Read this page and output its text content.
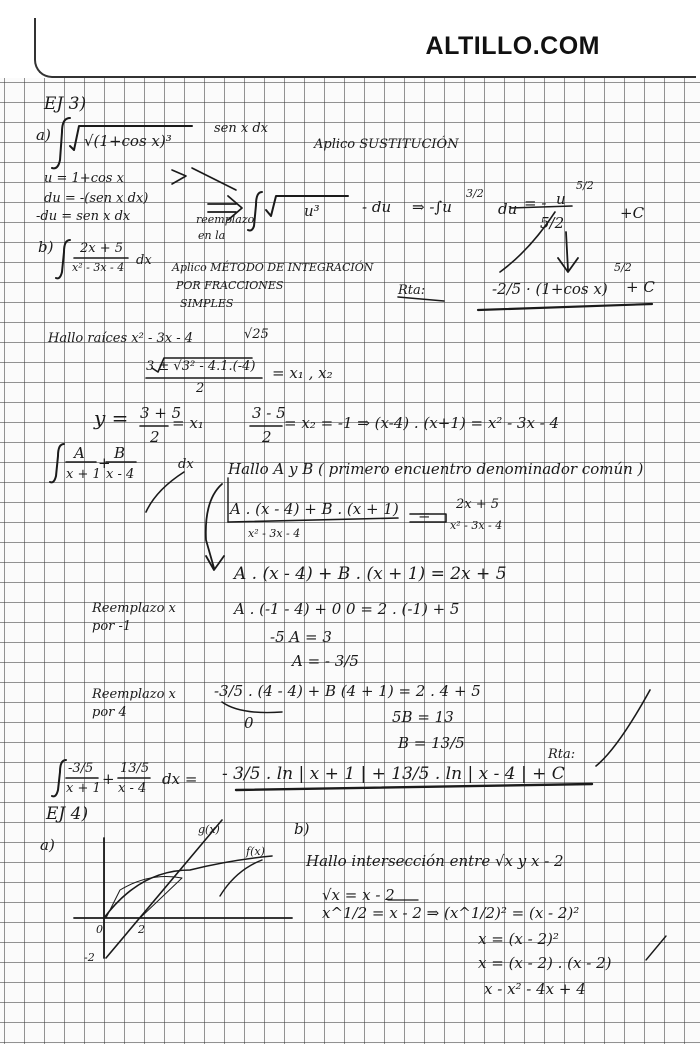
ALTILLO.COM
EJ 3)
a) √(1+cos x)³
sen x dx
Aplico SUSTITUCIÓN
u = 1+cos x
du = -(sen x dx)
-du = sen x dx	reemplazo
en la
u³	- du ⇒ -∫u
3/2
du = - u
5/2
5/2
+C
Rta:	-2/5 · (1+cos x)
5/2
+ C
b) 2x + 5
x² - 3x - 4 dx Aplico MÉTODO DE INTEGRACIÓN
POR FRACCIONES
SIMPLES
Hallo raíces x² - 3x - 4	√25
3 ± √3² - 4.1.(-4)
2
= x₁ , x₂
y = 3 + 5
2
= x₁
3 - 5
2
= x₂ = -1 ⇒ (x-4) . (x+1) = x² - 3x - 4
A
x + 1
+
B
x - 4
dx Hallo A y B ( primero encuentro denominador común )
A . (x - 4) + B . (x + 1)
x² - 3x - 4
=
2x + 5
x² - 3x - 4
A . (x - 4) + B . (x + 1) = 2x + 5
Reemplazo x
por -1
A . (-1 - 4) + 0 0 = 2 . (-1) + 5
-5 A = 3
A = - 3/5
Reemplazo x
por 4
-3/5 . (4 - 4) + B (4 + 1) = 2 . 4 + 5
0	5B = 13
B = 13/5
-3/5
x + 1
+
13/5
x - 4
dx = - 3/5 . ln | x + 1 | + 13/5 . ln | x - 4 | + C
Rta:
EJ 4)
a)
b)
g(x)
f(x)
0	2
-2
Hallo intersección entre √x y x - 2
√x = x - 2
x^1/2 = x - 2 ⇒ (x^1/2)² = (x - 2)²
x = (x - 2)²
x = (x - 2) . (x - 2)
x - x² - 4x + 4
